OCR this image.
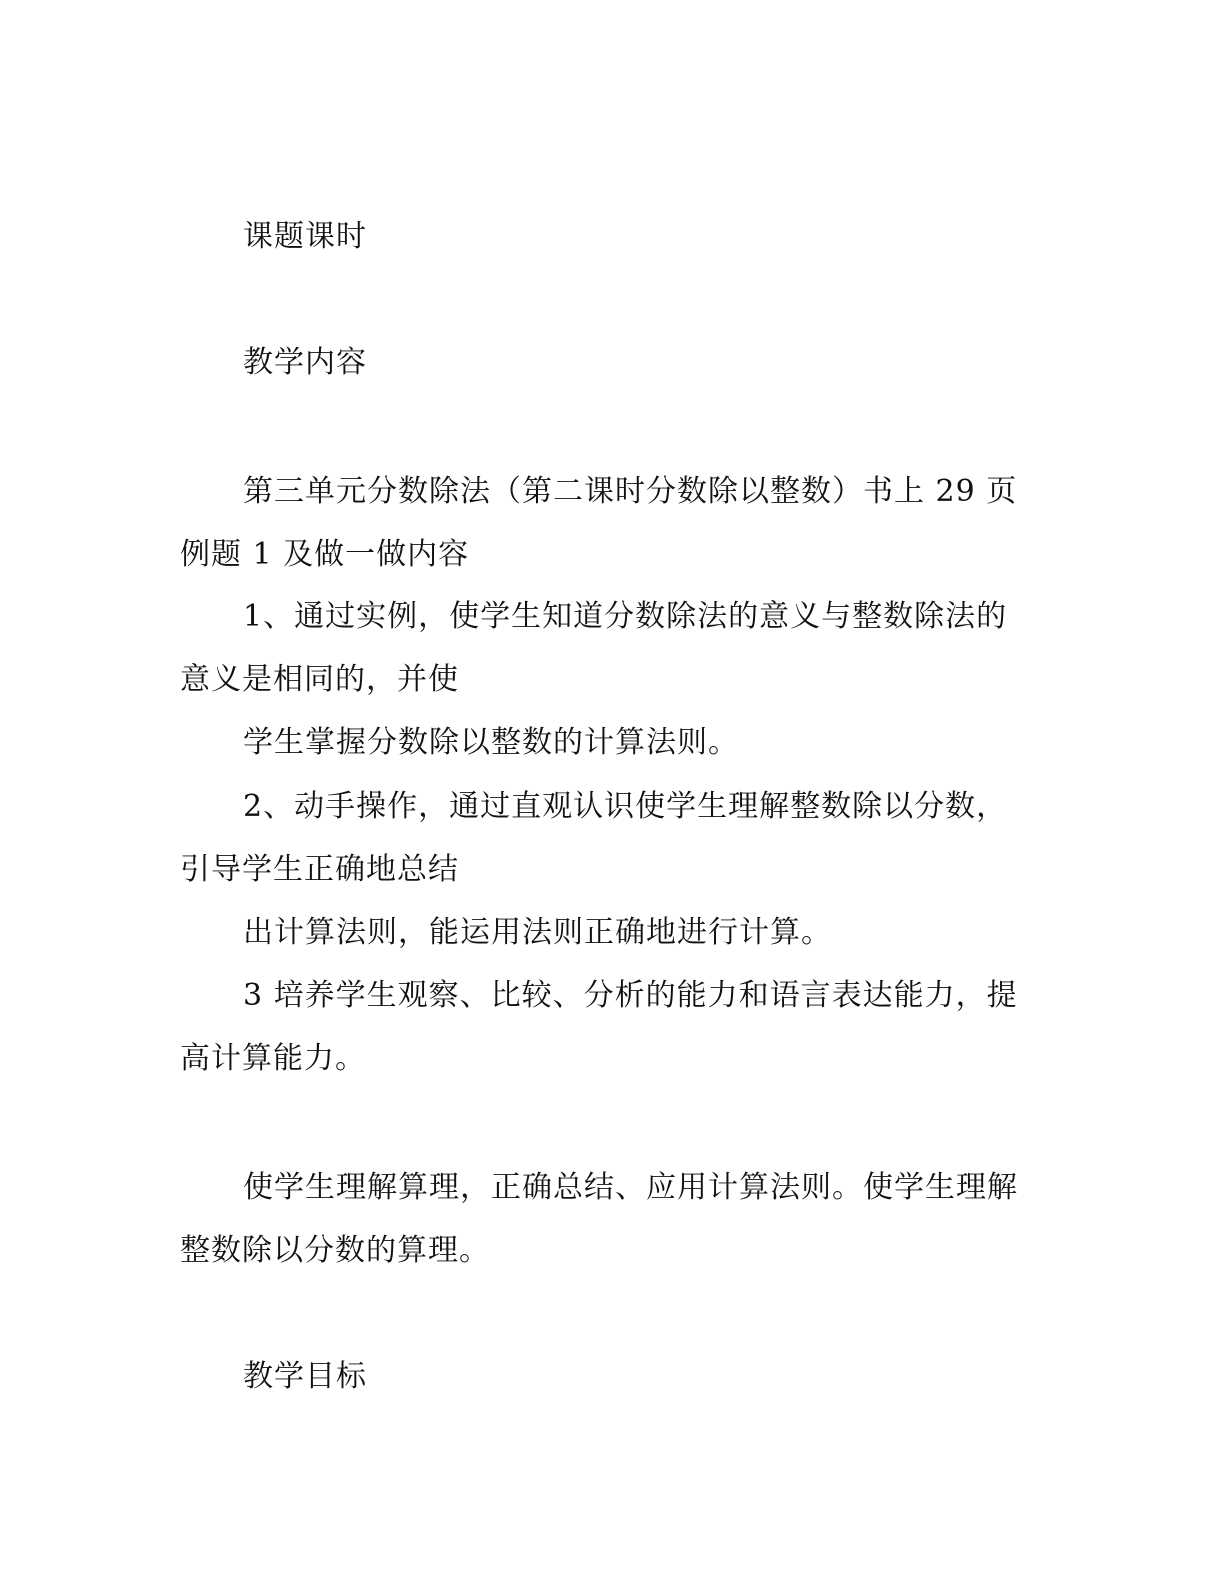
课题课时
教学内容
第三单元分数除法（第二课时分数除以整数）书上 29 页
例题 1 及做一做内容
1、通过实例，使学生知道分数除法的意义与整数除法的
意义是相同的，并使
学生掌握分数除以整数的计算法则。
2、动手操作，通过直观认识使学生理解整数除以分数，
引导学生正确地总结
出计算法则，能运用法则正确地进行计算。
3 培养学生观察、比较、分析的能力和语言表达能力，提
高计算能力。
使学生理解算理，正确总结、应用计算法则。使学生理解
整数除以分数的算理。
教学目标
